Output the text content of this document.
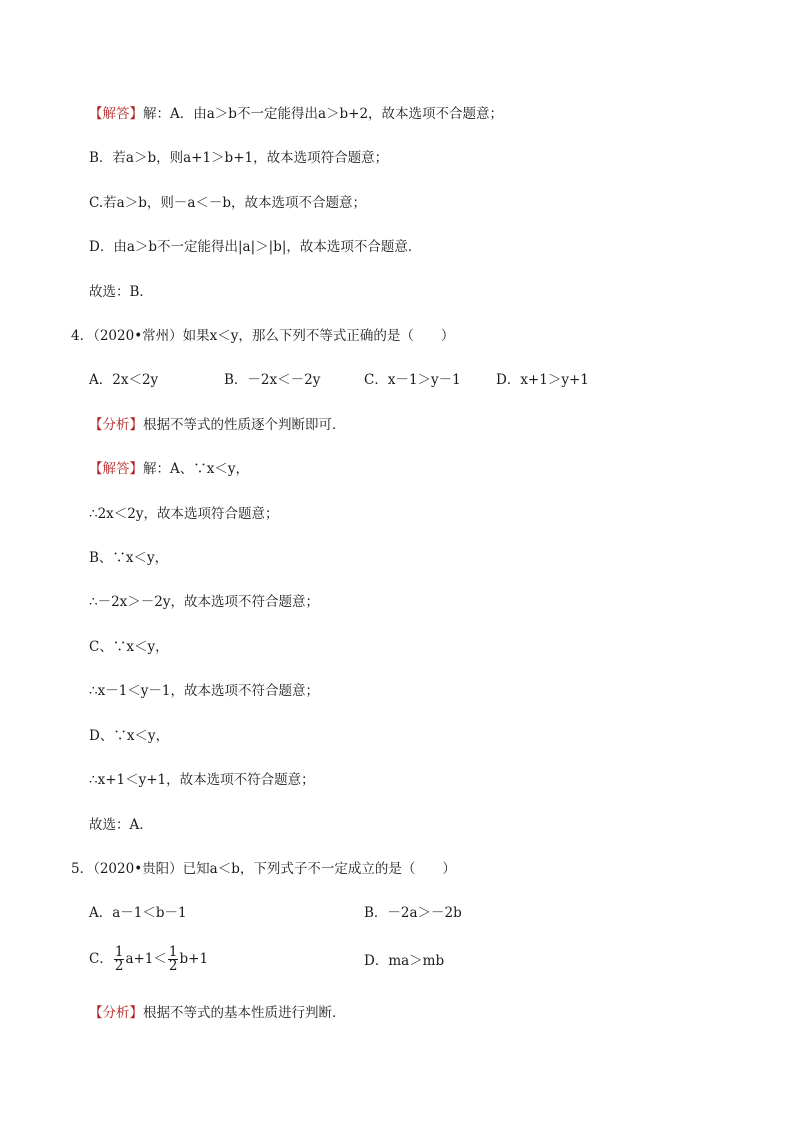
【解答】解：A．由a＞b不一定能得出a＞b+2，故本选项不合题意；
B．若a＞b，则a+1＞b+1，故本选项符合题意；
C.若a＞b，则－a＜－b，故本选项不合题意；
D．由a＞b不一定能得出|a|＞|b|，故本选项不合题意．
故选：B．
4．（2020•常州）如果x＜y，那么下列不等式正确的是（　　）
A．2x＜2y	B．－2x＜－2y	C．x－1＞y－1	D．x+1＞y+1
【分析】根据不等式的性质逐个判断即可．
【解答】解：A、∵x＜y，
∴2x＜2y，故本选项符合题意；
B、∵x＜y，
∴－2x＞－2y，故本选项不符合题意；
C、∵x＜y，
∴x－1＜y－1，故本选项不符合题意；
D、∵x＜y，
∴x+1＜y+1，故本选项不符合题意；
故选：A．
5．（2020•贵阳）已知a＜b，下列式子不一定成立的是（　　）
A．a－1＜b－1	B．－2a＞－2b
C． $\frac{1}{2} a+1< \frac{1}{2} b+1$	D．ma＞mb
【分析】根据不等式的基本性质进行判断．
